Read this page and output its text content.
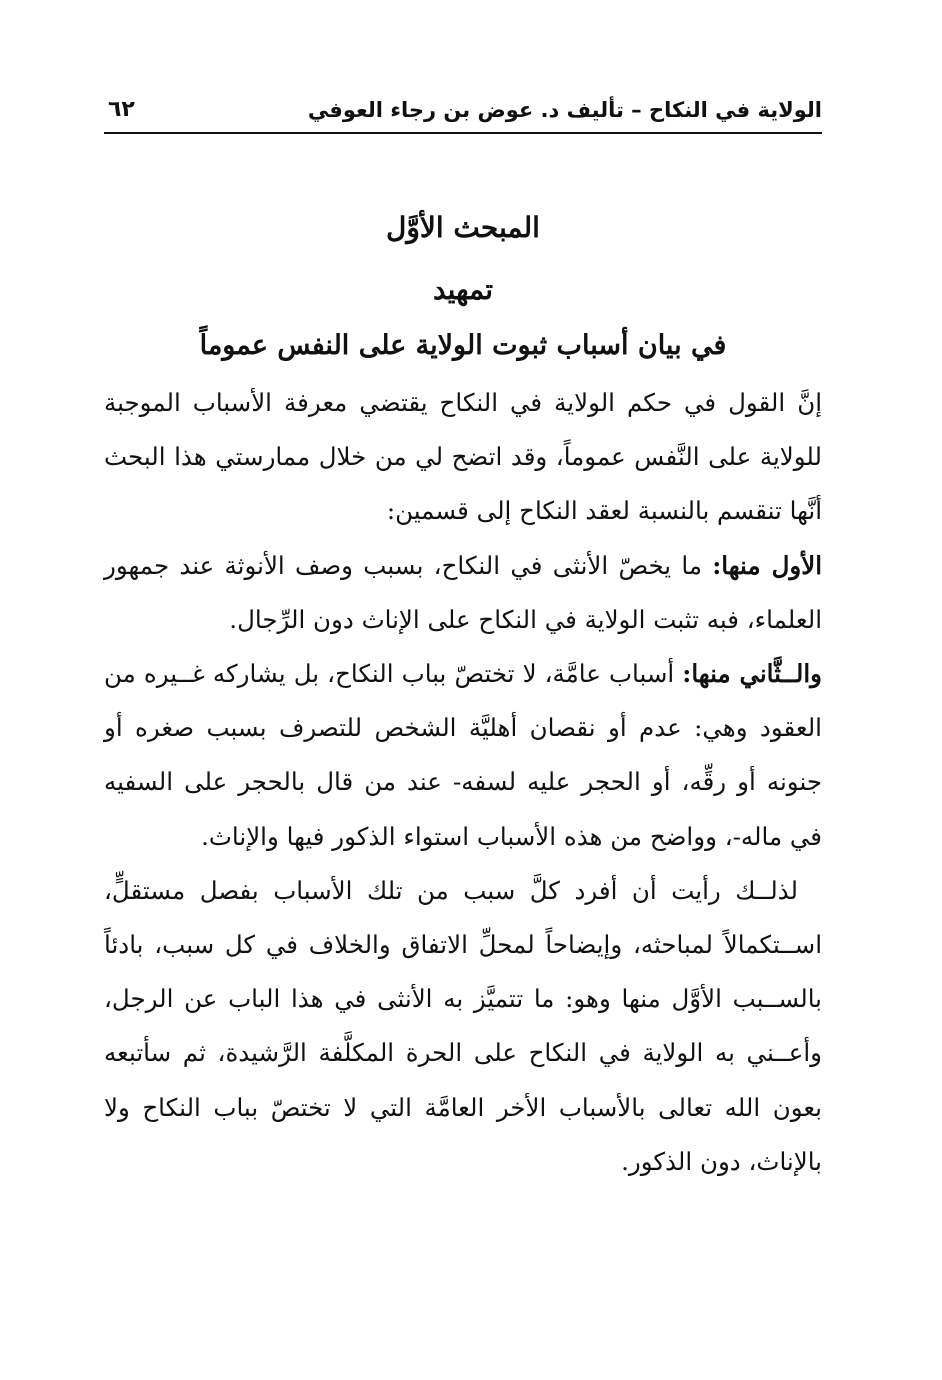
الولاية في النكاح – تأليف د. عوض بن رجاء العوفي
٦٢
المبحث الأوَّل
تمهيد
في بيان أسباب ثبوت الولاية على النفس عموماً

إنَّ القول في حكم الولاية في النكاح يقتضي معرفة الأسباب الموجبة للولاية على النَّفس عموماً، وقد اتضح لي من خلال ممارستي هذا البحث أنَّها تنقسم بالنسبة لعقد النكاح إلى قسمين:

الأول منها: ما يخصّ الأنثى في النكاح، بسبب وصف الأنوثة عند جمهور العلماء، فبه تثبت الولاية في النكاح على الإناث دون الرِّجال.

والــثَّاني منها: أسباب عامَّة، لا تختصّ بباب النكاح، بل يشاركه غــيره من العقود وهي: عدم أو نقصان أهليَّة الشخص للتصرف بسبب صغره أو جنونه أو رقِّه، أو الحجر عليه لسفه- عند من قال بالحجر على السفيه في ماله-، وواضح من هذه الأسباب استواء الذكور فيها والإناث.

لذلــك رأيت أن أفرد كلَّ سبب من تلك الأسباب بفصل مستقلٍّ، اســتكمالاً لمباحثه، وإيضاحاً لمحلِّ الاتفاق والخلاف في كل سبب، بادئاً بالســبب الأوَّل منها وهو: ما تتميَّز به الأنثى في هذا الباب عن الرجل، وأعــني به الولاية في النكاح على الحرة المكلَّفة الرَّشيدة، ثم سأتبعه بعون الله تعالى بالأسباب الأخر العامَّة التي لا تختصّ بباب النكاح ولا بالإناث، دون الذكور.
